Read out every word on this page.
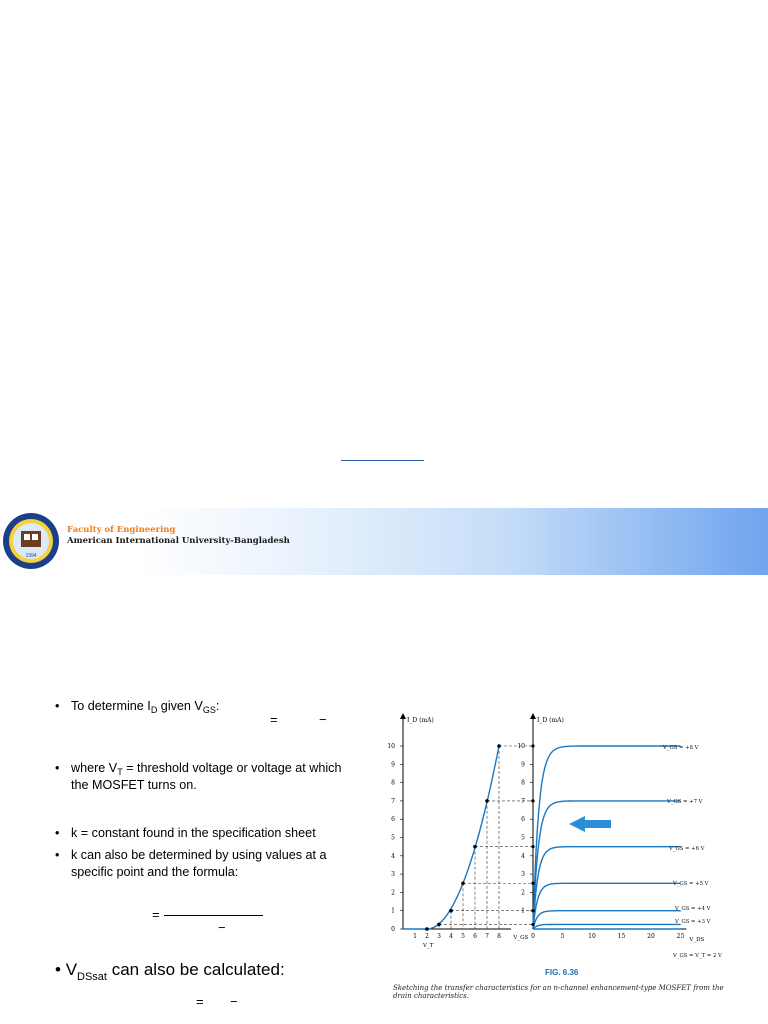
1994
Faculty of Engineering
American International University-Bangladesh
• To determine $I_D$ given $V_{GS}$:
• where $V_T$ = threshold voltage or voltage at which the MOSFET turns on.
• k = constant found in the specification sheet
• k can also be determined by using values at a specific point and the formula:
=	−
=
−
• $V_{DSsat}$ can also be calculated:
= −
I_D (mA)	I_D (mA)
10	10
9	9
8	8
7	7
6	6
5	5
4	4
3	3
2	2
1	1
0
1 2 3 4 5 6 7 8 V_GS
V_T
0	5	10	15	20	25 V_DS
V_GS = +8 V
V_GS = +7 V
V_GS = +6 V
V_GS = +5 V
V_GS = +4 V
V_GS = +3 V
V_GS = V_T = 2 V
FIG. 6.36
Sketching the transfer characteristics for an n-channel enhancement-type MOSFET from the drain characteristics.
